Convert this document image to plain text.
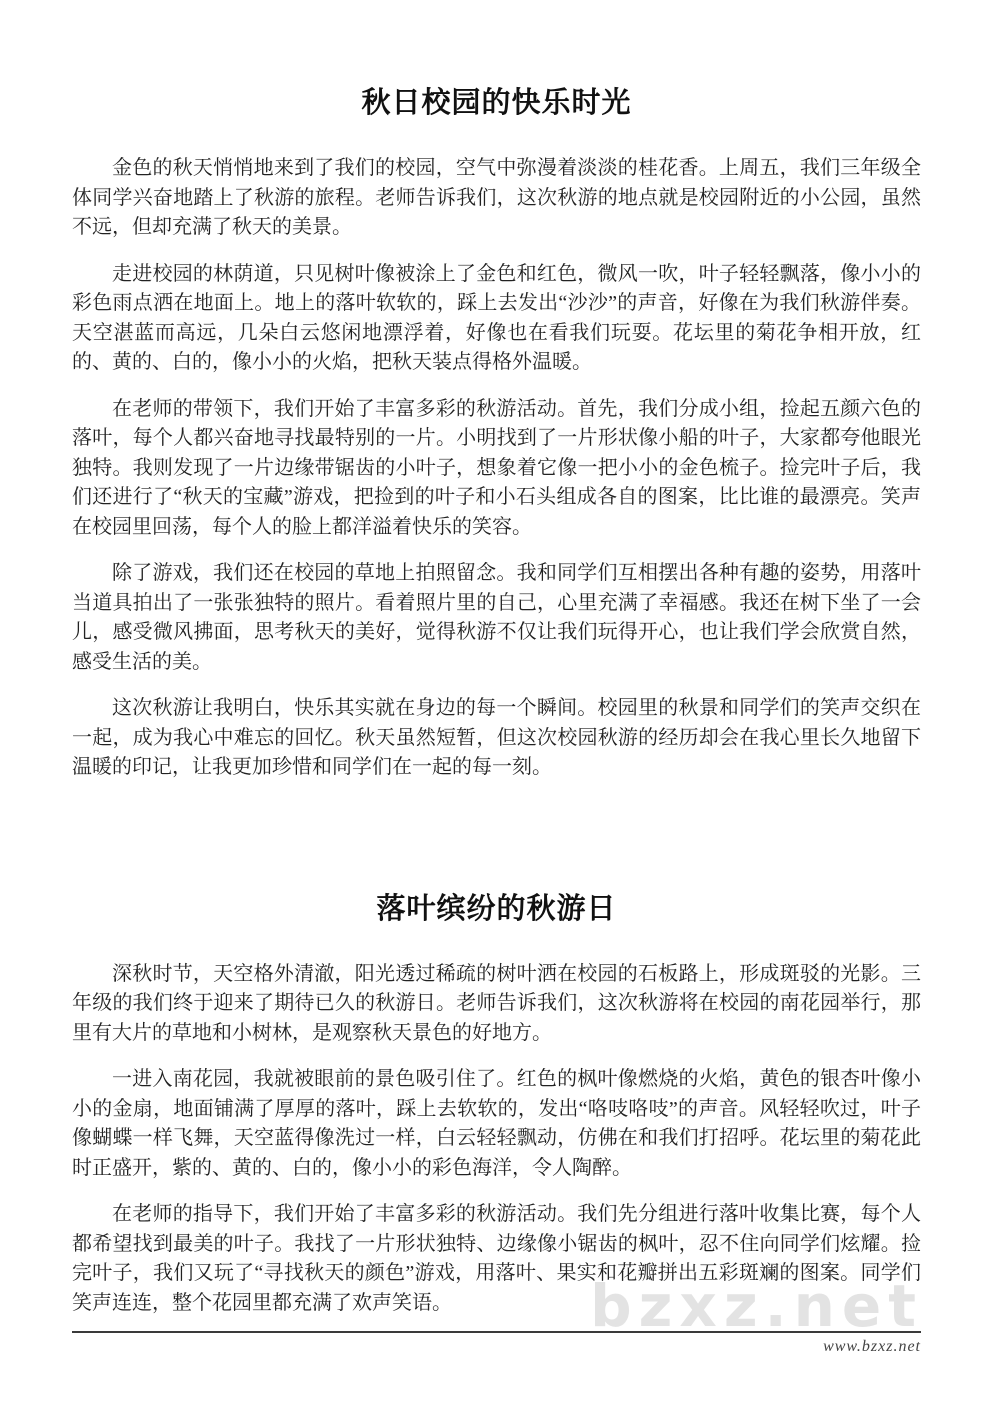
bzxz.net
秋日校园的快乐时光

金色的秋天悄悄地来到了我们的校园，空气中弥漫着淡淡的桂花香。上周五，我们三年级全体同学兴奋地踏上了秋游的旅程。老师告诉我们，这次秋游的地点就是校园附近的小公园，虽然不远，但却充满了秋天的美景。

走进校园的林荫道，只见树叶像被涂上了金色和红色，微风一吹，叶子轻轻飘落，像小小的彩色雨点洒在地面上。地上的落叶软软的，踩上去发出“沙沙”的声音，好像在为我们秋游伴奏。天空湛蓝而高远，几朵白云悠闲地漂浮着，好像也在看我们玩耍。花坛里的菊花争相开放，红的、黄的、白的，像小小的火焰，把秋天装点得格外温暖。

在老师的带领下，我们开始了丰富多彩的秋游活动。首先，我们分成小组，捡起五颜六色的落叶，每个人都兴奋地寻找最特别的一片。小明找到了一片形状像小船的叶子，大家都夸他眼光独特。我则发现了一片边缘带锯齿的小叶子，想象着它像一把小小的金色梳子。捡完叶子后，我们还进行了“秋天的宝藏”游戏，把捡到的叶子和小石头组成各自的图案，比比谁的最漂亮。笑声在校园里回荡，每个人的脸上都洋溢着快乐的笑容。

除了游戏，我们还在校园的草地上拍照留念。我和同学们互相摆出各种有趣的姿势，用落叶当道具拍出了一张张独特的照片。看着照片里的自己，心里充满了幸福感。我还在树下坐了一会儿，感受微风拂面，思考秋天的美好，觉得秋游不仅让我们玩得开心，也让我们学会欣赏自然，感受生活的美。

这次秋游让我明白，快乐其实就在身边的每一个瞬间。校园里的秋景和同学们的笑声交织在一起，成为我心中难忘的回忆。秋天虽然短暂，但这次校园秋游的经历却会在我心里长久地留下温暖的印记，让我更加珍惜和同学们在一起的每一刻。

落叶缤纷的秋游日

深秋时节，天空格外清澈，阳光透过稀疏的树叶洒在校园的石板路上，形成斑驳的光影。三年级的我们终于迎来了期待已久的秋游日。老师告诉我们，这次秋游将在校园的南花园举行，那里有大片的草地和小树林，是观察秋天景色的好地方。

一进入南花园，我就被眼前的景色吸引住了。红色的枫叶像燃烧的火焰，黄色的银杏叶像小小的金扇，地面铺满了厚厚的落叶，踩上去软软的，发出“咯吱咯吱”的声音。风轻轻吹过，叶子像蝴蝶一样飞舞，天空蓝得像洗过一样，白云轻轻飘动，仿佛在和我们打招呼。花坛里的菊花此时正盛开，紫的、黄的、白的，像小小的彩色海洋，令人陶醉。

在老师的指导下，我们开始了丰富多彩的秋游活动。我们先分组进行落叶收集比赛，每个人都希望找到最美的叶子。我找了一片形状独特、边缘像小锯齿的枫叶，忍不住向同学们炫耀。捡完叶子，我们又玩了“寻找秋天的颜色”游戏，用落叶、果实和花瓣拼出五彩斑斓的图案。同学们笑声连连，整个花园里都充满了欢声笑语。

www.bzxz.net
